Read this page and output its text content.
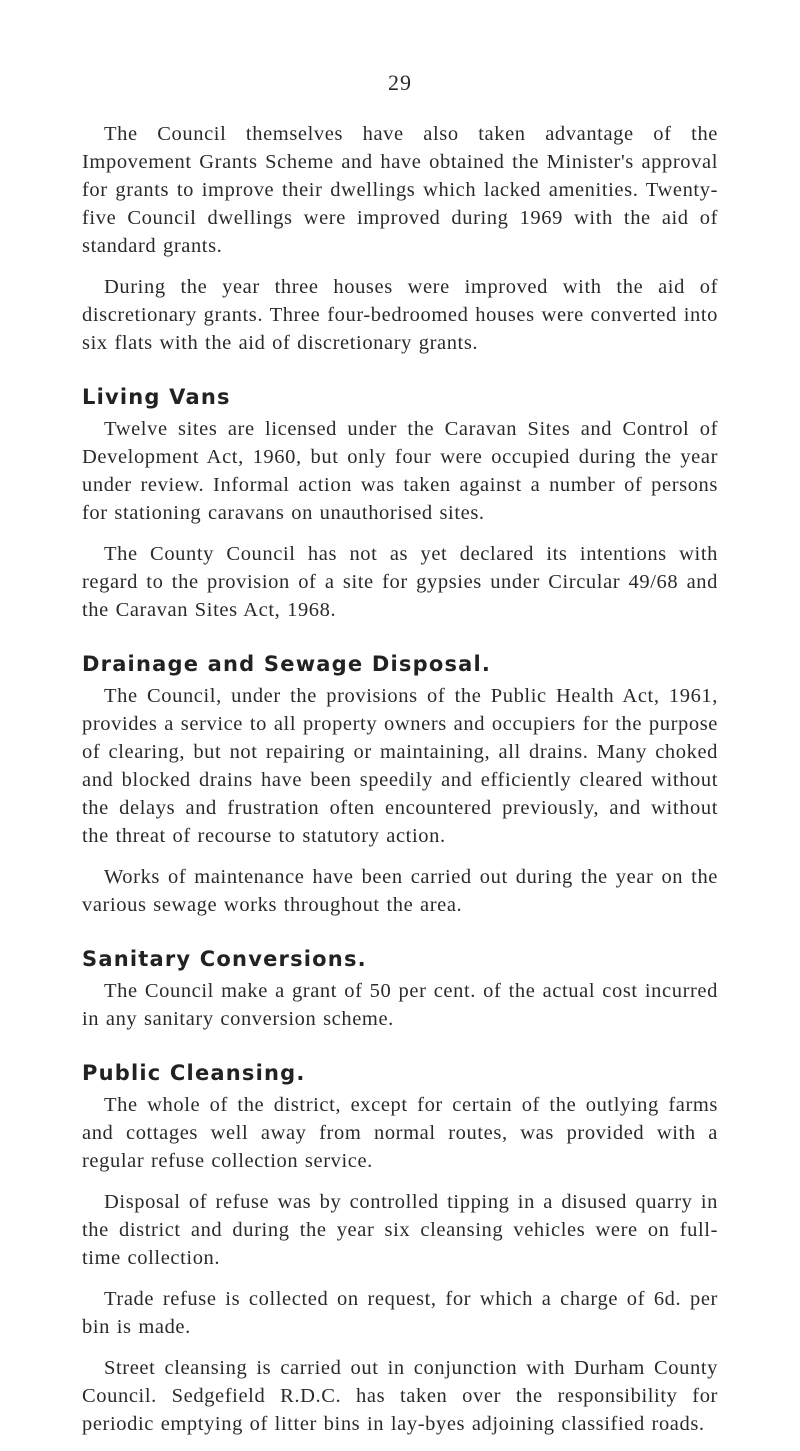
29

The Council themselves have also taken advantage of the Impovement Grants Scheme and have obtained the Minister's approval for grants to improve their dwellings which lacked amenities. Twenty-five Council dwellings were improved during 1969 with the aid of standard grants.

During the year three houses were improved with the aid of discretionary grants. Three four-bedroomed houses were converted into six flats with the aid of discretionary grants.

Living Vans

Twelve sites are licensed under the Caravan Sites and Control of Development Act, 1960, but only four were occupied during the year under review. Informal action was taken against a number of persons for stationing caravans on unauthorised sites.

The County Council has not as yet declared its intentions with regard to the provision of a site for gypsies under Circular 49/68 and the Caravan Sites Act, 1968.

Drainage and Sewage Disposal.

The Council, under the provisions of the Public Health Act, 1961, provides a service to all property owners and occupiers for the purpose of clearing, but not repairing or maintaining, all drains. Many choked and blocked drains have been speedily and efficiently cleared without the delays and frustration often encountered previously, and without the threat of recourse to statutory action.

Works of maintenance have been carried out during the year on the various sewage works throughout the area.

Sanitary Conversions.

The Council make a grant of 50 per cent. of the actual cost incurred in any sanitary conversion scheme.

Public Cleansing.

The whole of the district, except for certain of the outlying farms and cottages well away from normal routes, was provided with a regular refuse collection service.

Disposal of refuse was by controlled tipping in a disused quarry in the district and during the year six cleansing vehicles were on full-time collection.

Trade refuse is collected on request, for which a charge of 6d. per bin is made.

Street cleansing is carried out in conjunction with Durham County Council. Sedgefield R.D.C. has taken over the responsibility for periodic emptying of litter bins in lay-byes adjoining classified roads.
